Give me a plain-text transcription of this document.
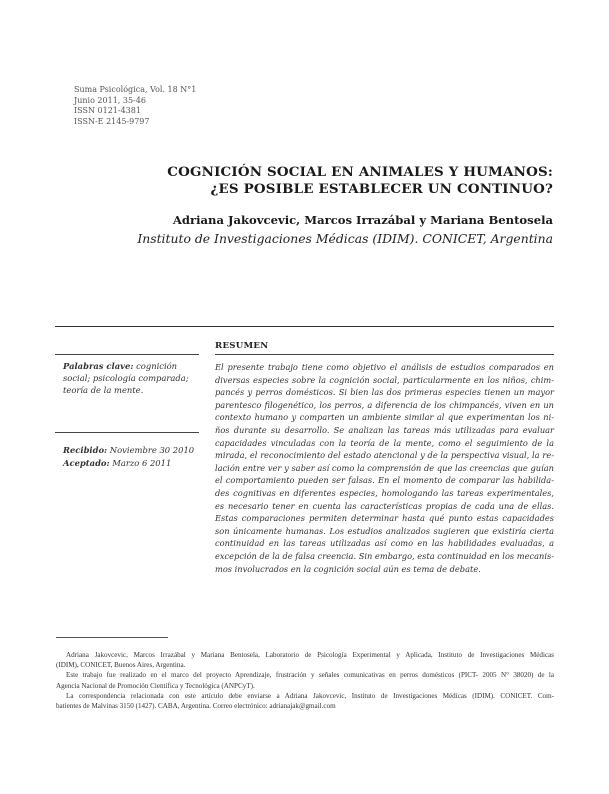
Suma Psicológica, Vol. 18 N°1
Junio 2011, 35-46
ISSN 0121-4381
ISSN-E 2145-9797
COGNICIÓN SOCIAL EN ANIMALES Y HUMANOS:
¿ES POSIBLE ESTABLECER UN CONTINUO?
Adriana Jakovcevic, Marcos Irrazábal y Mariana Bentosela
Instituto de Investigaciones Médicas (IDIM). CONICET, Argentina
RESUMEN
Palabras clave: cognición
social; psicología comparada;
teoría de la mente.
Recibido: Noviembre 30 2010
Aceptado: Marzo 6 2011
El presente trabajo tiene como objetivo el análisis de estudios comparados en
diversas especies sobre la cognición social, particularmente en los niños, chim-
pancés y perros domésticos. Si bien las dos primeras especies tienen un mayor
parentesco filogenético, los perros, a diferencia de los chimpancés, viven en un
contexto humano y comparten un ambiente similar al que experimentan los ni-
ños durante su desarrollo. Se analizan las tareas más utilizadas para evaluar
capacidades vinculadas con la teoría de la mente, como el seguimiento de la
mirada, el reconocimiento del estado atencional y de la perspectiva visual, la re-
lación entre ver y saber así como la comprensión de que las creencias que guían
el comportamiento pueden ser falsas. En el momento de comparar las habilida-
des cognitivas en diferentes especies, homologando las tareas experimentales,
es necesario tener en cuenta las características propias de cada una de ellas.
Estas comparaciones permiten determinar hasta qué punto estas capacidades
son únicamente humanas. Los estudios analizados sugieren que existiría cierta
continuidad en las tareas utilizadas así como en las habilidades evaluadas, a
excepción de la de falsa creencia. Sin embargo, esta continuidad en los mecanis-
mos involucrados en la cognición social aún es tema de debate.
Adriana Jakovcevic, Marcos Irrazábal y Mariana Bentosela, Laboratorio de Psicología Experimental y Aplicada, Instituto de Investigaciones Médicas
(IDIM), CONICET, Buenos Aires, Argentina.
Este trabajo fue realizado en el marco del proyecto Aprendizaje, frustración y señales comunicativas en perros domésticos (PICT- 2005 N° 38020) de la
Agencia Nacional de Promoción Científica y Tecnológica (ANPCyT).
La correspondencia relacionada con este artículo debe enviarse a Adriana Jakovcevic, Instituto de Investigaciones Médicas (IDIM). CONICET. Com-
batientes de Malvinas 3150 (1427). CABA, Argentina. Correo electrónico: adrianajak@gmail.com
